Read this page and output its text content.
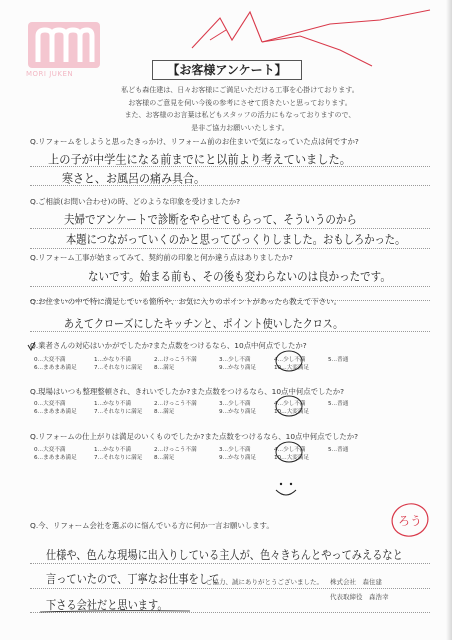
MORI JUKEN	【お客様アンケート】
私ども森住建は、日々お客様にご満足いただける工事を心掛けております。
お客様のご意見を伺い今後の参考にさせて頂きたいと思っております。
また、お客様のお言葉は私どもスタッフの活力にもなっておりますので、
是非ご協力お願いいたします。
Q.リフォームをしようと思ったきっかけ、リフォーム前のお住まいで気になっていた点は何ですか?
上の子が中学生になる前までにと以前より考えていました。
寒さと、お風呂の痛み具合。
Q.ご相談(お問い合わせ)の時、どのような印象を受けましたか?
夫婦でアンケートで診断をやらせてもらって、そういうのから
本題につながっていくのかと思ってびっくりしました。おもしろかった。
Q.リフォーム工事が始まってみて、契約前の印象と何か違う点はありましたか?
ないです。始まる前も、その後も変わらないのは良かったです。
Q.お住まいの中で特に満足している箇所や、お気に入りのポイントがあったら教えて下さい。
あえてクローズにしたキッチンと、ポイント使いしたクロス。
Q.業者さんの対応はいかがでしたか?また点数をつけるなら、10点中何点でしたか?
0…大変不満	1…かなり不満	2…けっこう不満	3…少し不満	4…少し不満	5…普通
6…まあまあ満足	7…それなりに満足 8…満足	9…かなり満足	10…大変満足
Q.現場はいつも整理整頓され、きれいでしたか?また点数をつけるなら、10点中何点でしたか?
0…大変不満	1…かなり不満	2…けっこう不満	3…少し不満	4…少し不満	5…普通
6…まあまあ満足	7…それなりに満足 8…満足	9…かなり満足	10…大変満足
Q.リフォームの仕上がりは満足のいくものでしたか?また点数をつけるなら、10点中何点でしたか?
0…大変不満	1…かなり不満	2…けっこう不満	3…少し不満	4…少し不満	5…普通
6…まあまあ満足	7…それなりに満足 8…満足	9…かなり満足	10…大変満足
Q.今、リフォーム会社を選ぶのに悩んでいる方に何か一言お願いします。
仕様や、色んな現場に出入りしている主人が、色々きちんとやってみえるなと
言っていたので、丁寧なお仕事をして
下さる会社だと思います。
ご協力、誠にありがとうございました。 株式会社　森住建
代表取締役　森浩幸
ろう
